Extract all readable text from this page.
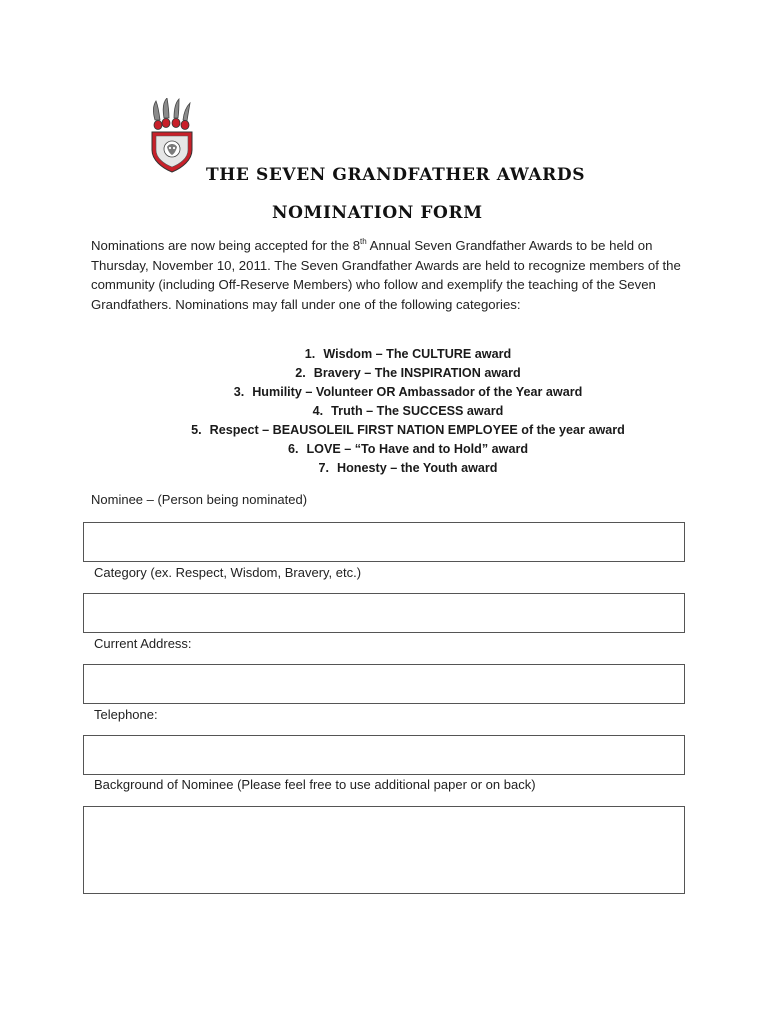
THE SEVEN GRANDFATHER AWARDS
NOMINATION FORM
Nominations are now being accepted for the 8th Annual Seven Grandfather Awards to be held on Thursday, November 10, 2011. The Seven Grandfather Awards are held to recognize members of the community (including Off-Reserve Members) who follow and exemplify the teaching of the Seven Grandfathers. Nominations may fall under one of the following categories:
1. Wisdom – The CULTURE award
2. Bravery – The INSPIRATION award
3. Humility – Volunteer OR Ambassador of the Year award
4. Truth – The SUCCESS award
5. Respect – BEAUSOLEIL FIRST NATION EMPLOYEE of the year award
6. LOVE – “To Have and to Hold” award
7. Honesty – the Youth award
Nominee – (Person being nominated)
Category (ex. Respect, Wisdom, Bravery, etc.)
Current Address:
Telephone:
Background of Nominee (Please feel free to use additional paper or on back)
